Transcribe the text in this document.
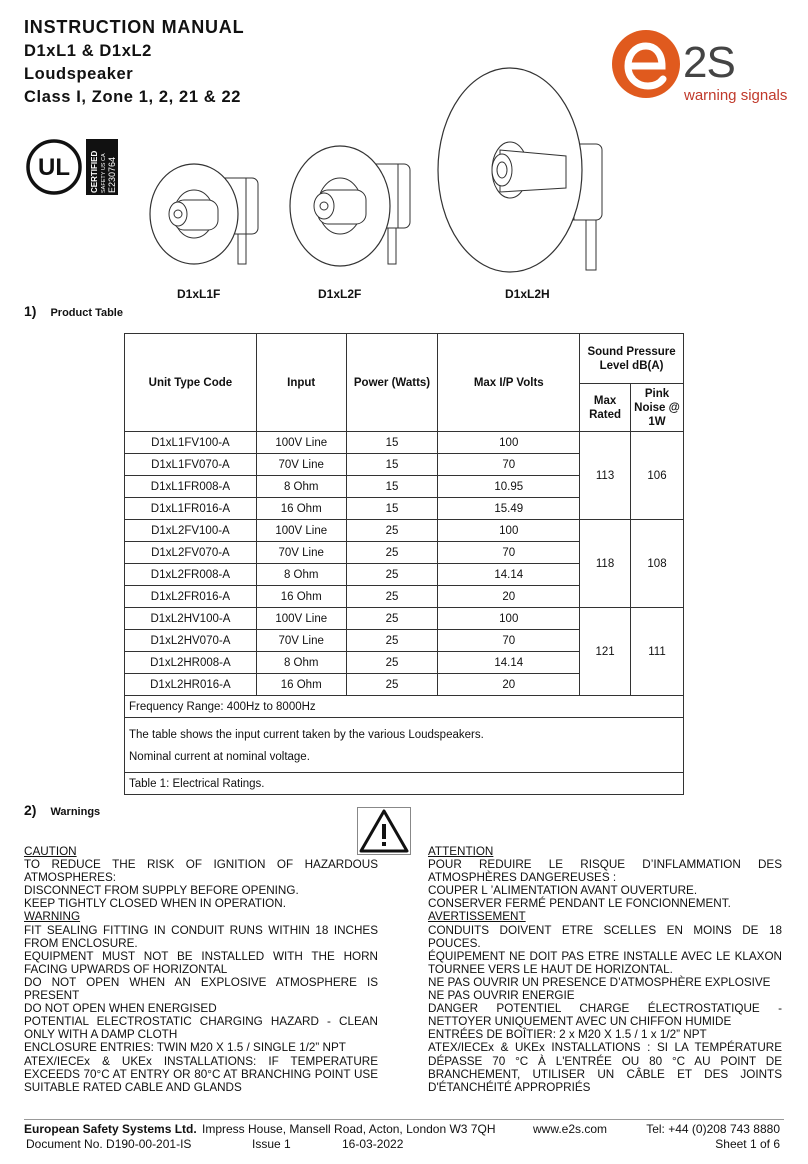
INSTRUCTION MANUAL
D1xL1 & D1xL2
Loudspeaker
Class I, Zone 1, 2, 21 & 22
2S
warning signals
UL	CERTIFIED SAFETY US CA E230764
D1xL1F	D1xL2F	D1xL2H
1) Product Table
Unit Type Code	Input	Power (Watts)	Max I/P Volts	Sound Pressure Level dB(A)	
				Max Rated	Pink Noise @ 1W
D1xL1FV100-A	100V Line	15	100	113	106
D1xL1FV070-A	70V Line	15	70		
D1xL1FR008-A	8 Ohm	15	10.95		
D1xL1FR016-A	16 Ohm	15	15.49		
D1xL2FV100-A	100V Line	25	100	118	108
D1xL2FV070-A	70V Line	25	70		
D1xL2FR008-A	8 Ohm	25	14.14		
D1xL2FR016-A	16 Ohm	25	20		
D1xL2HV100-A	100V Line	25	100	121	111
D1xL2HV070-A	70V Line	25	70		
D1xL2HR008-A	8 Ohm	25	14.14		
D1xL2HR016-A	16 Ohm	25	20		
Frequency Range: 400Hz to 8000Hz					

The table shows the input current taken by the various Loudspeakers.
Nominal current at nominal voltage.					

Table 1: Electrical Ratings.					
2) Warnings

CAUTION

TO REDUCE THE RISK OF IGNITION OF HAZARDOUS ATMOSPHERES:

DISCONNECT FROM SUPPLY BEFORE OPENING.

KEEP TIGHTLY CLOSED WHEN IN OPERATION.

WARNING

FIT SEALING FITTING IN CONDUIT RUNS WITHIN 18 INCHES FROM ENCLOSURE.

EQUIPMENT MUST NOT BE INSTALLED WITH THE HORN FACING UPWARDS OF HORIZONTAL

DO NOT OPEN WHEN AN EXPLOSIVE ATMOSPHERE IS PRESENT

DO NOT OPEN WHEN ENERGISED

POTENTIAL ELECTROSTATIC CHARGING HAZARD - CLEAN ONLY WITH A DAMP CLOTH

ENCLOSURE ENTRIES: TWIN M20 X 1.5 / SINGLE 1/2” NPT

ATEX/IECEx & UKEx INSTALLATIONS: IF TEMPERATURE EXCEEDS 70°C AT ENTRY OR 80°C AT BRANCHING POINT USE SUITABLE RATED CABLE AND GLANDS

ATTENTION

POUR REDUIRE LE RISQUE D’INFLAMMATION DES ATMOSPHÈRES DANGEREUSES :

COUPER L ’ALIMENTATION AVANT OUVERTURE.

CONSERVER FERMÉ PENDANT LE FONCIONNEMENT.

AVERTISSEMENT

CONDUITS DOIVENT ETRE SCELLES EN MOINS DE 18 POUCES.

ÉQUIPEMENT NE DOIT PAS ETRE INSTALLE AVEC LE KLAXON TOURNEE VERS LE HAUT DE HORIZONTAL.

NE PAS OUVRIR UN PRESENCE D’ATMOSPHÈRE EXPLOSIVE

NE PAS OUVRIR ENERGIE

DANGER POTENTIEL CHARGE ÉLECTROSTATIQUE - NETTOYER UNIQUEMENT AVEC UN CHIFFON HUMIDE

ENTRÉES DE BOÎTIER: 2 x M20 X 1.5 / 1 x 1/2” NPT

ATEX/IECEx & UKEx INSTALLATIONS : SI LA TEMPÉRATURE DÉPASSE 70 °C À L'ENTRÉE OU 80 °C AU POINT DE BRANCHEMENT, UTILISER UN CÂBLE ET DES JOINTS D'ÉTANCHÉITÉ APPROPRIÉS

European Safety Systems Ltd. Impress House, Mansell Road, Acton, London W3 7QH	www.e2s.com	Tel: +44 (0)208 743 8880
Document No. D190-00-201-IS	Issue 1	16-03-2022	Sheet 1 of 6
